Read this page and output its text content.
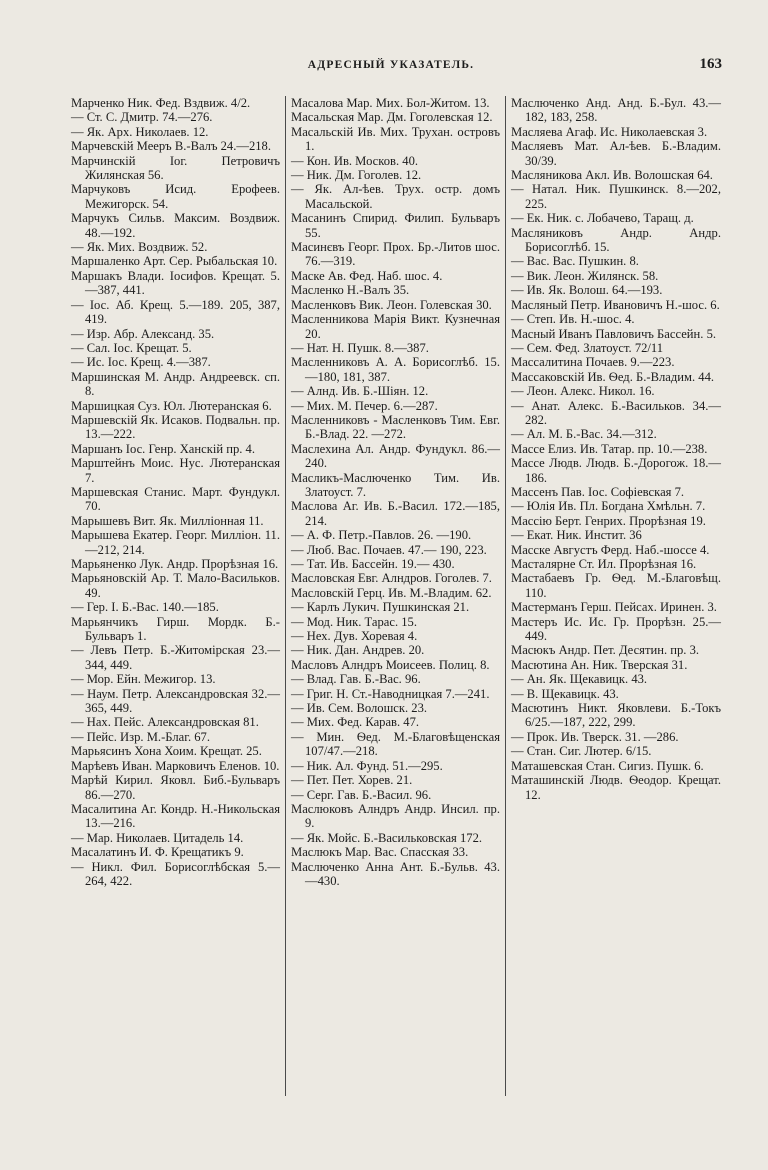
АДРЕСНЫЙ УКАЗАТЕЛЬ.	163
Марченко Ник. Фед. Вздвиж. 4/2.
— Ст. С. Дмитр. 74.—276.
— Як. Арх. Николаев. 12.
Марчевскій Мееръ В.-Валъ 24.—218.
Марчинскій Іог. Петровичъ Жилянская 56.
Марчуковъ Исид. Ерофеев. Межигорск. 54.
Марчукъ Сильв. Максим. Воздвиж. 48.—192.
— Як. Мих. Воздвиж. 52.
Маршаленко Арт. Сер. Рыбальская 10.
Маршакъ Влади. Іосифов. Крещат. 5.—387, 441.
— Іос. Аб. Крещ. 5.—189. 205, 387, 419.
— Изр. Абр. Александ. 35.
— Сал. Іос. Крещат. 5.
— Ис. Іос. Крещ. 4.—387.
Маршинская М. Андр. Андреевск. сп. 8.
Маршицкая Суз. Юл. Лютеранская 6.
Маршевскій Як. Исаков. Подвальн. пр. 13.—222.
Маршанъ Іос. Генр. Ханскій пр. 4.
Марштейнъ Моис. Нус. Лютеранская 7.
Маршевская Станис. Март. Фундукл. 70.
Марышевъ Вит. Як. Милліонная 11.
Марышева Екатер. Георг. Милліон. 11.—212, 214.
Марьяненко Лук. Андр. Прорѣзная 16.
Марьяновскій Ар. Т. Мало-Васильков. 49.
— Гер. І. Б.-Вас. 140.—185.
Марьянчикъ Гирш. Мордк. Б.-Бульваръ 1.
— Левъ Петр. Б.-Житомірская 23.—344, 449.
— Мор. Ейн. Межигор. 13.
— Наум. Петр. Александровская 32.—365, 449.
— Нах. Пейс. Александровская 81.
— Пейс. Изр. М.-Благ. 67.
Марьясинъ Хона Хоим. Крещат. 25.
Марѣевъ Иван. Марковичъ Еленов. 10.
Марѣй Кирил. Яковл. Биб.-Бульваръ 86.—270.
Масалитина Аг. Кондр. Н.-Никольская 13.—216.
— Мар. Николаев. Цитадель 14.
Масалатинъ И. Ф. Крещатикъ 9.
— Никл. Фил. Борисоглѣбская 5.—264, 422.
Масалова Мар. Мих. Бол-Житом. 13.
Масальская Мар. Дм. Гоголевская 12.
Масальскій Ив. Мих. Трухан. островъ 1.
— Кон. Ив. Москов. 40.
— Ник. Дм. Гоголев. 12.
— Як. Ал-ѣев. Трух. остр. домъ Масальской.
Масанинъ Спирид. Филип. Бульваръ 55.
Масинєвъ Георг. Прох. Бр.-Литов шос. 76.—319.
Маске Ав. Фед. Наб. шос. 4.
Масленко Н.-Валъ 35.
Масленковъ Вик. Леон. Голевская 30.
Масленникова Марія Викт. Кузнечная 20.
— Нат. Н. Пушк. 8.—387.
Масленниковъ А. А. Борисоглѣб. 15.—180, 181, 387.
— Алнд. Ив. Б.-Шіян. 12.
— Мих. М. Печер. 6.—287.
Масленниковъ - Масленковъ Тим. Евг. Б.-Влад. 22. —272.
Маслехина Ал. Андр. Фундукл. 86.—240.
Масликъ-Маслюченко Тим. Ив. Златоуст. 7.
Маслова Аг. Ив. Б.-Васил. 172.—185, 214.
— А. Ф. Петр.-Павлов. 26. —190.
— Люб. Вас. Почаев. 47.— 190, 223.
— Тат. Ив. Бассейн. 19.— 430.
Масловская Евг. Алндров. Гоголев. 7.
Масловскій Герц. Ив. М.-Владим. 62.
— Карлъ Лукич. Пушкинская 21.
— Мод. Ник. Тарас. 15.
— Нех. Дув. Хоревая 4.
— Ник. Дан. Андрев. 20.
Масловъ Алндръ Моисеев. Полиц. 8.
— Влад. Гав. Б.-Вас. 96.
— Григ. Н. Ст.-Наводницкая 7.—241.
— Ив. Сем. Волошск. 23.
— Мих. Фед. Карав. 47.
— Мин. Ѳед. М.-Благовѣщенская 107/47.—218.
— Ник. Ал. Фунд. 51.—295.
— Пет. Пет. Хорев. 21.
— Серг. Гав. Б.-Васил. 96.
Маслюковъ Алндръ Андр. Инсил. пр. 9.
— Як. Мойс. Б.-Васильковская 172.
Маслюкъ Мар. Вас. Спасская 33.
Маслюченко Анна Ант. Б.-Бульв. 43.—430.
Маслюченко Анд. Анд. Б.-Бул. 43.—182, 183, 258.
Масляева Агаф. Ис. Николаевская 3.
Масляевъ Мат. Ал-ѣев. Б.-Владим. 30/39.
Масляникова Акл. Ив. Волошская 64.
— Натал. Ник. Пушкинск. 8.—202, 225.
— Ек. Ник. с. Лобачево, Таращ. д.
Масляниковъ Андр. Андр. Борисоглѣб. 15.
— Вас. Вас. Пушкин. 8.
— Вик. Леон. Жилянск. 58.
— Ив. Як. Волош. 64.—193.
Масляный Петр. Ивановичъ Н.-шос. 6.
— Степ. Ив. Н.-шос. 4.
Масный Иванъ Павловичъ Бассейн. 5.
— Сем. Фед. Златоуст. 72/11
Массалитина Почаев. 9.—223.
Массаковскій Ив. Ѳед. Б.-Владим. 44.
— Леон. Алекс. Никол. 16.
— Анат. Алекс. Б.-Васильков. 34.—282.
— Ал. М. Б.-Вас. 34.—312.
Массе Елиз. Ив. Татар. пр. 10.—238.
Массе Людв. Людв. Б.-Дорогож. 18.—186.
Массенъ Пав. Іос. Софіевская 7.
— Юлія Ив. Пл. Богдана Хмѣльн. 7.
Массію Берт. Генрих. Прорѣзная 19.
— Екат. Ник. Инстит. 36
Масске Августъ Ферд. Наб.-шоссе 4.
Масталярне Ст. Ил. Прорѣзная 16.
Мастабаевъ Гр. Ѳед. М.-Благовѣщ. 110.
Мастерманъ Герш. Пейсах. Иринен. 3.
Мастеръ Ис. Ис. Гр. Прорѣзн. 25.—449.
Масюкъ Андр. Пет. Десятин. пр. 3.
Масютина Ан. Ник. Тверская 31.
— Ан. Як. Щекавицк. 43.
— В. Щекавицк. 43.
Масютинъ Никт. Яковлеви. Б.-Токъ 6/25.—187, 222, 299.
— Прок. Ив. Тверск. 31. —286.
— Стан. Сиг. Лютер. 6/15.
Маташевская Стан. Сигиз. Пушк. 6.
Маташинскій Людв. Ѳеодор. Крещат. 12.
